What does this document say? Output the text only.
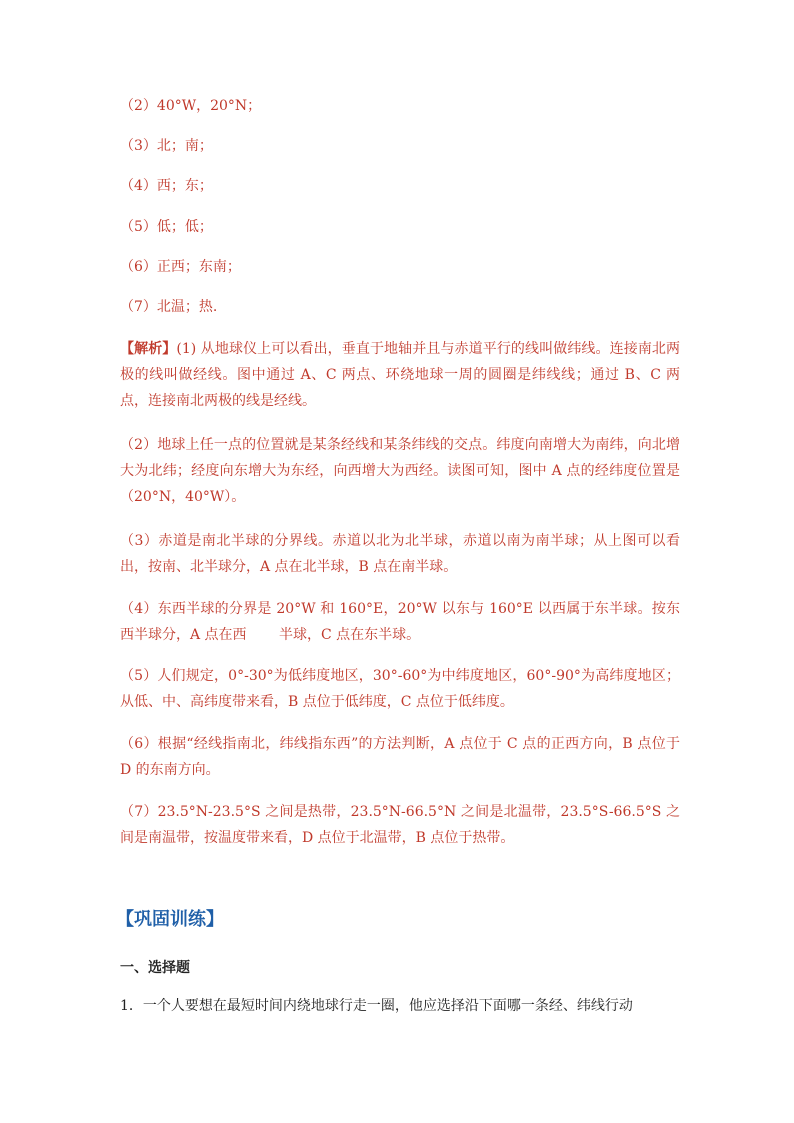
（2）40°W，20°N；
（3）北；南；
（4）西；东；
（5）低；低；
（6）正西；东南；
（7）北温；热.
【解析】(1) 从地球仪上可以看出，垂直于地轴并且与赤道平行的线叫做纬线。连接南北两极的线叫做经线。图中通过 A、C 两点、环绕地球一周的圆圈是纬线线；通过 B、C 两点，连接南北两极的线是经线。
（2）地球上任一点的位置就是某条经线和某条纬线的交点。纬度向南增大为南纬，向北增大为北纬；经度向东增大为东经，向西增大为西经。读图可知，图中 A 点的经纬度位置是（20°N，40°W）。
（3）赤道是南北半球的分界线。赤道以北为北半球，赤道以南为南半球；从上图可以看出，按南、北半球分，A 点在北半球，B 点在南半球。
（4）东西半球的分界是 20°W 和 160°E，20°W 以东与 160°E 以西属于东半球。按东西半球分，A 点在西　　 半球，C 点在东半球。
（5）人们规定，0°-30°为低纬度地区，30°-60°为中纬度地区，60°-90°为高纬度地区；从低、中、高纬度带来看，B 点位于低纬度，C 点位于低纬度。
（6）根据“经线指南北，纬线指东西”的方法判断，A 点位于 C 点的正西方向，B 点位于 D 的东南方向。
（7）23.5°N-23.5°S 之间是热带，23.5°N-66.5°N 之间是北温带，23.5°S-66.5°S 之间是南温带，按温度带来看，D 点位于北温带，B 点位于热带。
【巩固训练】
一、选择题
1．一个人要想在最短时间内绕地球行走一圈，他应选择沿下面哪一条经、纬线行动
